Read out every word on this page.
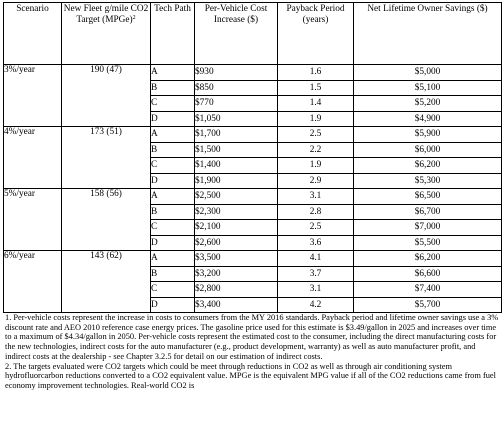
Scenario	New Fleet g/mile CO2 Target (MPGe)$^2$	Tech Path	Per-Vehicle Cost Increase ($)	Payback Period (years)	Net Lifetime Owner Savings ($)
3%/year	190 (47)	A	$930	1.6	$5,000
		B	$850	1.5	$5,100
		C	$770	1.4	$5,200
		D	$1,050	1.9	$4,900
4%/year	173 (51)	A	$1,700	2.5	$5,900
		B	$1,500	2.2	$6,000
		C	$1,400	1.9	$6,200
		D	$1,900	2.9	$5,300
5%/year	158 (56)	A	$2,500	3.1	$6,500
		B	$2,300	2.8	$6,700
		C	$2,100	2.5	$7,000
		D	$2,600	3.6	$5,500
6%/year	143 (62)	A	$3,500	4.1	$6,200
		B	$3,200	3.7	$6,600
		C	$2,800	3.1	$7,400
		D	$3,400	4.2	$5,700

1. Per-vehicle costs represent the increase in costs to consumers from the MY 2016 standards. Payback period and lifetime owner savings use a 3% discount rate and AEO 2010 reference case energy prices. The gasoline price used for this estimate is $3.49/gallon in 2025 and increases over time to a maximum of $4.34/gallon in 2050. Per-vehicle costs represent the estimated cost to the consumer, including the direct manufacturing costs for the new technologies, indirect costs for the auto manufacturer (e.g., product development, warranty) as well as auto manufacturer profit, and indirect costs at the dealership - see Chapter 3.2.5 for detail on our estimation of indirect costs.

2. The targets evaluated were CO2 targets which could be meet through reductions in CO2 as well as through air conditioning system hydrofluorcarbon reductions converted to a CO2 equivalent value. MPGe is the equivalent MPG value if all of the CO2 reductions came from fuel economy improvement technologies. Real-world CO2 is
